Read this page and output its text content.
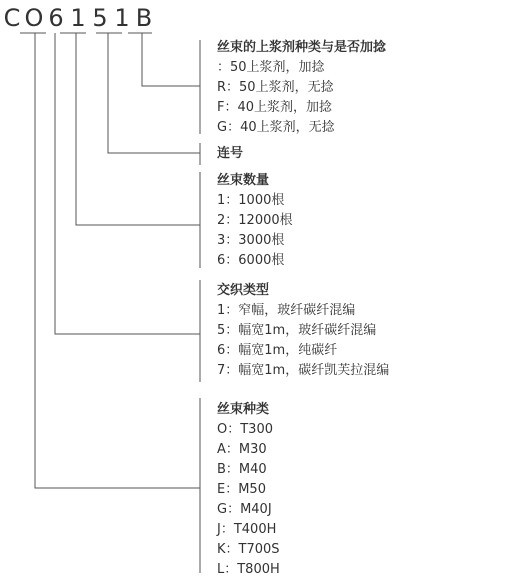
C O 6 1 5 1 B
丝束的上浆剂种类与是否加捻
：50上浆剂，加捻
R：50上浆剂，无捻
F：40上浆剂，加捻
G：40上浆剂，无捻
连号
丝束数量
1：1000根
2：12000根
3：3000根
6：6000根
交织类型
1：窄幅，玻纤碳纤混编
5：幅宽1m，玻纤碳纤混编
6：幅宽1m，纯碳纤
7：幅宽1m，碳纤凯芙拉混编
丝束种类
O：T300
A：M30
B：M40
E：M50
G：M40J
J：T400H
K：T700S
L：T800H
